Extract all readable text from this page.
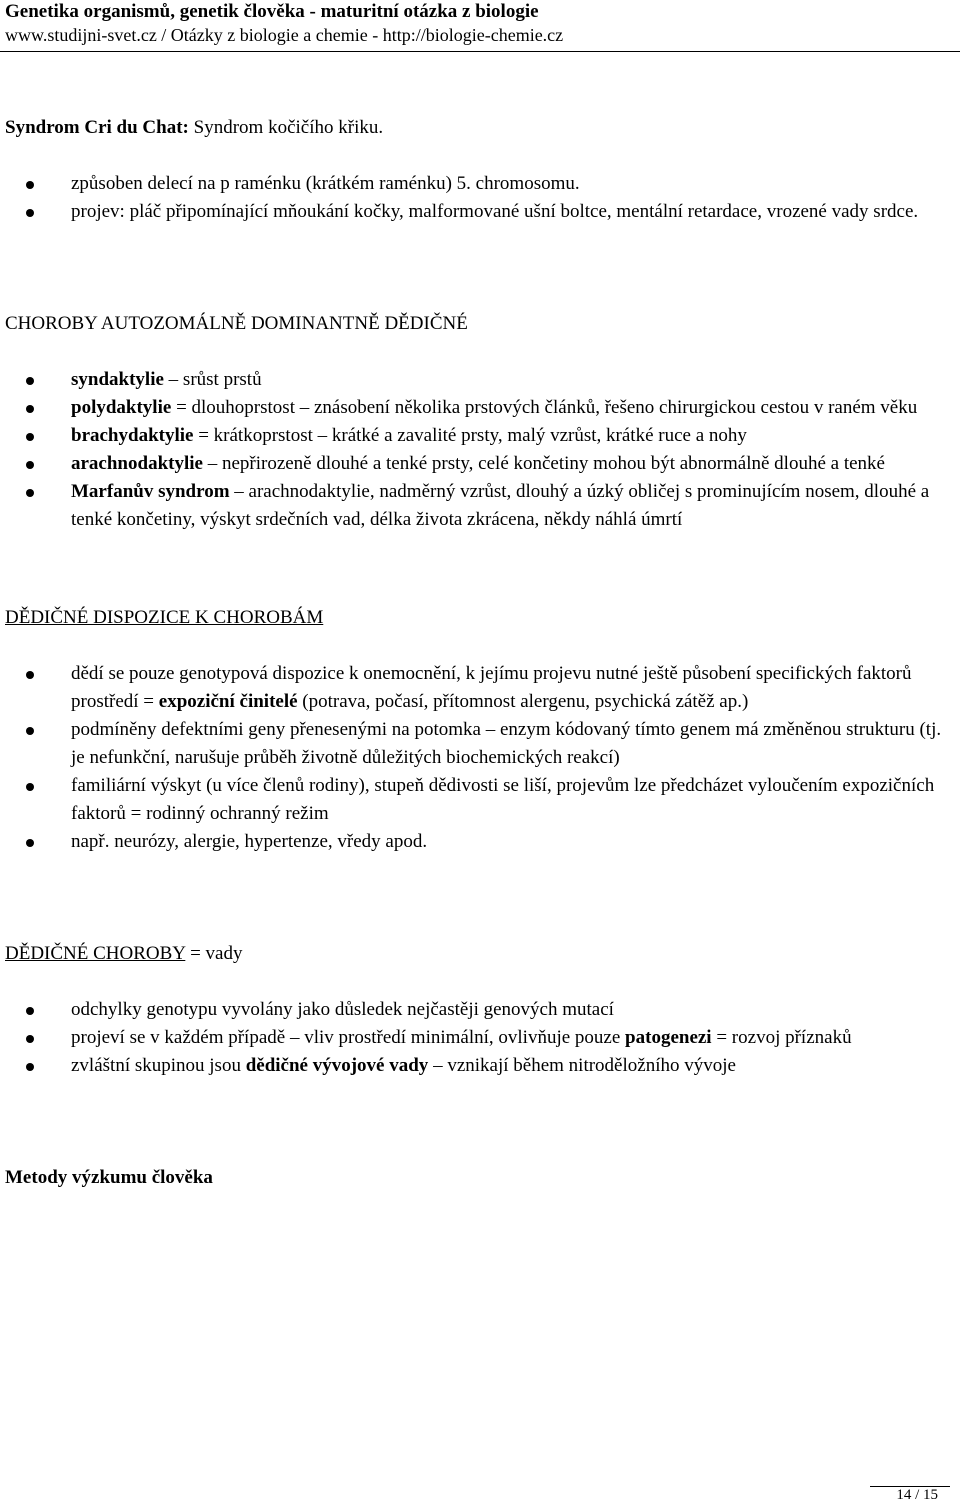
Genetika organismů, genetik člověka - maturitní otázka z biologie
www.studijni-svet.cz / Otázky z biologie a chemie - http://biologie-chemie.cz

Syndrom Cri du Chat: Syndrom kočičího křiku.

způsoben delecí na p raménku (krátkém raménku) 5. chromosomu.
projev: pláč připomínající mňoukání kočky, malformované ušní boltce, mentální retardace, vrozené vady srdce.

CHOROBY AUTOZOMÁLNĚ DOMINANTNĚ DĚDIČNÉ

syndaktylie – srůst prstů
polydaktylie = dlouhoprstost – znásobení několika prstových článků, řešeno chirurgickou cestou v raném věku
brachydaktylie = krátkoprstost – krátké a zavalité prsty, malý vzrůst, krátké ruce a nohy
arachnodaktylie – nepřirozeně dlouhé a tenké prsty, celé končetiny mohou být abnormálně dlouhé a tenké
Marfanův syndrom – arachnodaktylie, nadměrný vzrůst, dlouhý a úzký obličej s prominujícím nosem, dlouhé a tenké končetiny, výskyt srdečních vad, délka života zkrácena, někdy náhlá úmrtí

DĚDIČNÉ DISPOZICE K CHOROBÁM

dědí se pouze genotypová dispozice k onemocnění, k jejímu projevu nutné ještě působení specifických faktorů prostředí = expoziční činitelé (potrava, počasí, přítomnost alergenu, psychická zátěž ap.)
podmíněny defektními geny přenesenými na potomka – enzym kódovaný tímto genem má změněnou strukturu (tj. je nefunkční, narušuje průběh životně důležitých biochemických reakcí)
familiární výskyt (u více členů rodiny), stupeň dědivosti se liší, projevům lze předcházet vyloučením expozičních faktorů = rodinný ochranný režim
např. neurózy, alergie, hypertenze, vředy apod.

DĚDIČNÉ CHOROBY = vady

odchylky genotypu vyvolány jako důsledek nejčastěji genových mutací
projeví se v každém případě – vliv prostředí minimální, ovlivňuje pouze patogenezi = rozvoj příznaků
zvláštní skupinou jsou dědičné vývojové vady – vznikají během nitroděložního vývoje

Metody výzkumu člověka

14 / 15
